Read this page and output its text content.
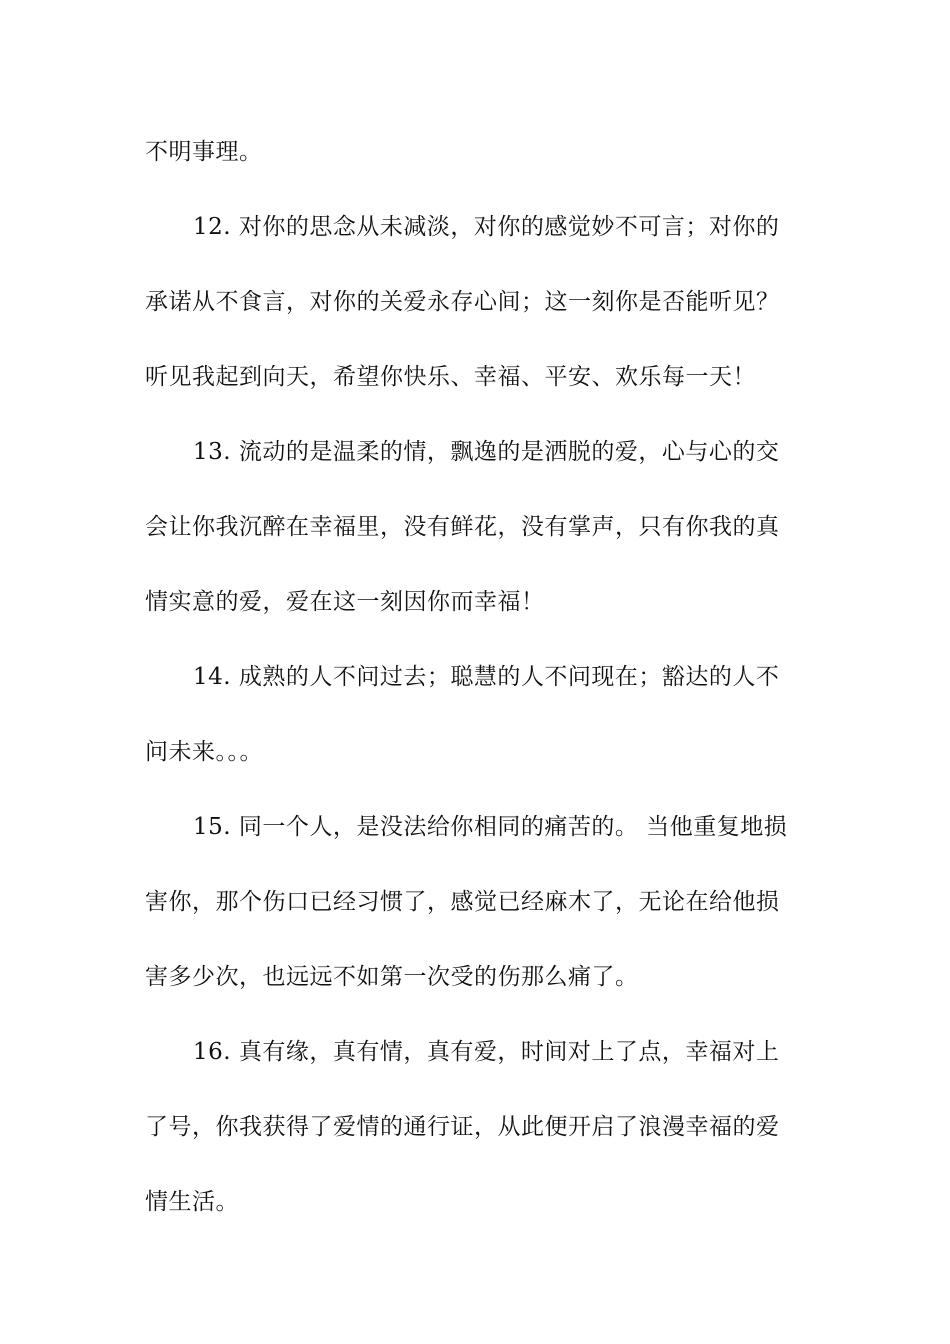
不明事理。
12. 对你的思念从未减淡，对你的感觉妙不可言；对你的
承诺从不食言，对你的关爱永存心间；这一刻你是否能听见？
听见我起到向天，希望你快乐、幸福、平安、欢乐每一天！
13. 流动的是温柔的情，飘逸的是洒脱的爱，心与心的交
会让你我沉醉在幸福里，没有鲜花，没有掌声，只有你我的真
情实意的爱，爱在这一刻因你而幸福！
14. 成熟的人不问过去；聪慧的人不问现在；豁达的人不
问未来。。。
15. 同一个人，是没法给你相同的痛苦的。 当他重复地损
害你，那个伤口已经习惯了，感觉已经麻木了，无论在给他损
害多少次，也远远不如第一次受的伤那么痛了。
16. 真有缘，真有情，真有爱，时间对上了点，幸福对上
了号，你我获得了爱情的通行证，从此便开启了浪漫幸福的爱
情生活。
